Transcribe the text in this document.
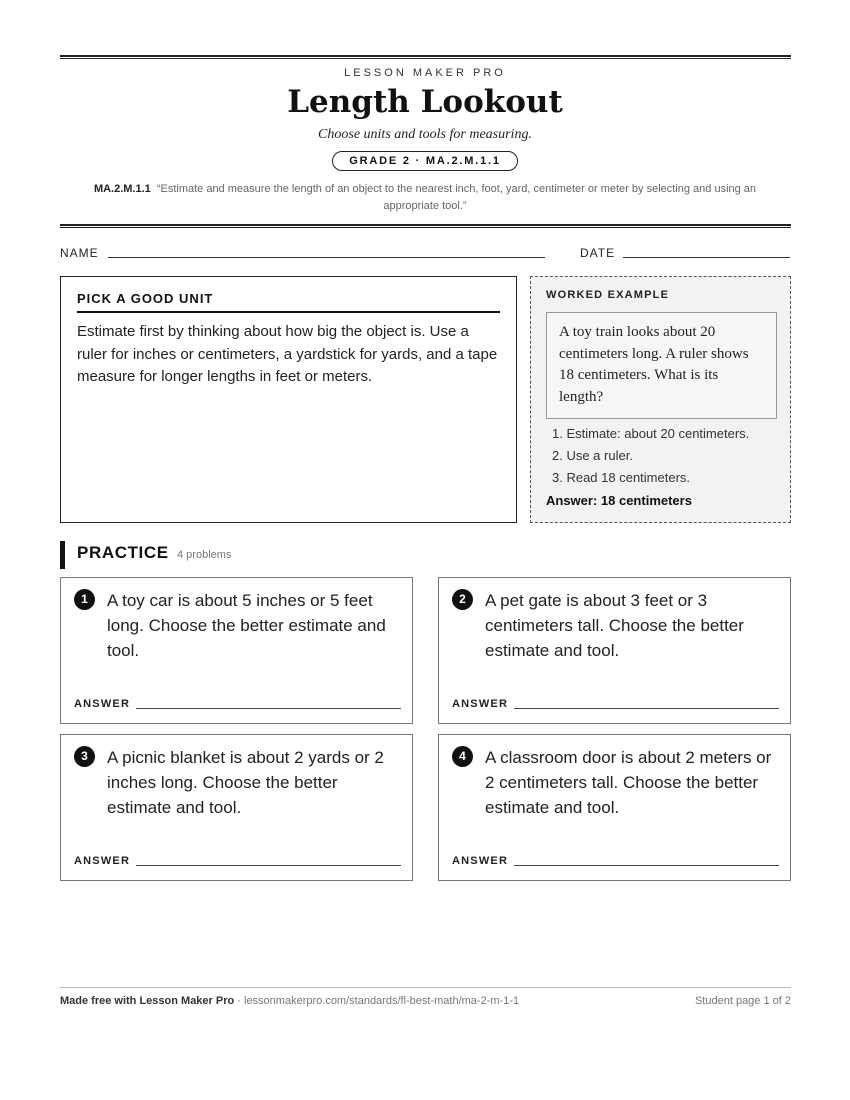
LESSON MAKER PRO
Length Lookout
Choose units and tools for measuring.
GRADE 2 · MA.2.M.1.1
MA.2.M.1.1 “Estimate and measure the length of an object to the nearest inch, foot, yard, centimeter or meter by selecting and using an appropriate tool.”
NAME	DATE
PICK A GOOD UNIT
Estimate first by thinking about how big the object is. Use a ruler for inches or centimeters, a yardstick for yards, and a tape measure for longer lengths in feet or meters.
WORKED EXAMPLE
A toy train looks about 20 centimeters long. A ruler shows 18 centimeters. What is its length?
1. Estimate: about 20 centimeters.
2. Use a ruler.
3. Read 18 centimeters.
Answer: 18 centimeters
PRACTICE 4 problems
1	A toy car is about 5 inches or 5 feet long. Choose the better estimate and tool.
ANSWER
2	A pet gate is about 3 feet or 3 centimeters tall. Choose the better estimate and tool.
ANSWER
3	A picnic blanket is about 2 yards or 2 inches long. Choose the better estimate and tool.
ANSWER
4	A classroom door is about 2 meters or 2 centimeters tall. Choose the better estimate and tool.
ANSWER
Made free with Lesson Maker Pro · lessonmakerpro.com/standards/fl-best-math/ma-2-m-1-1	Student page 1 of 2
